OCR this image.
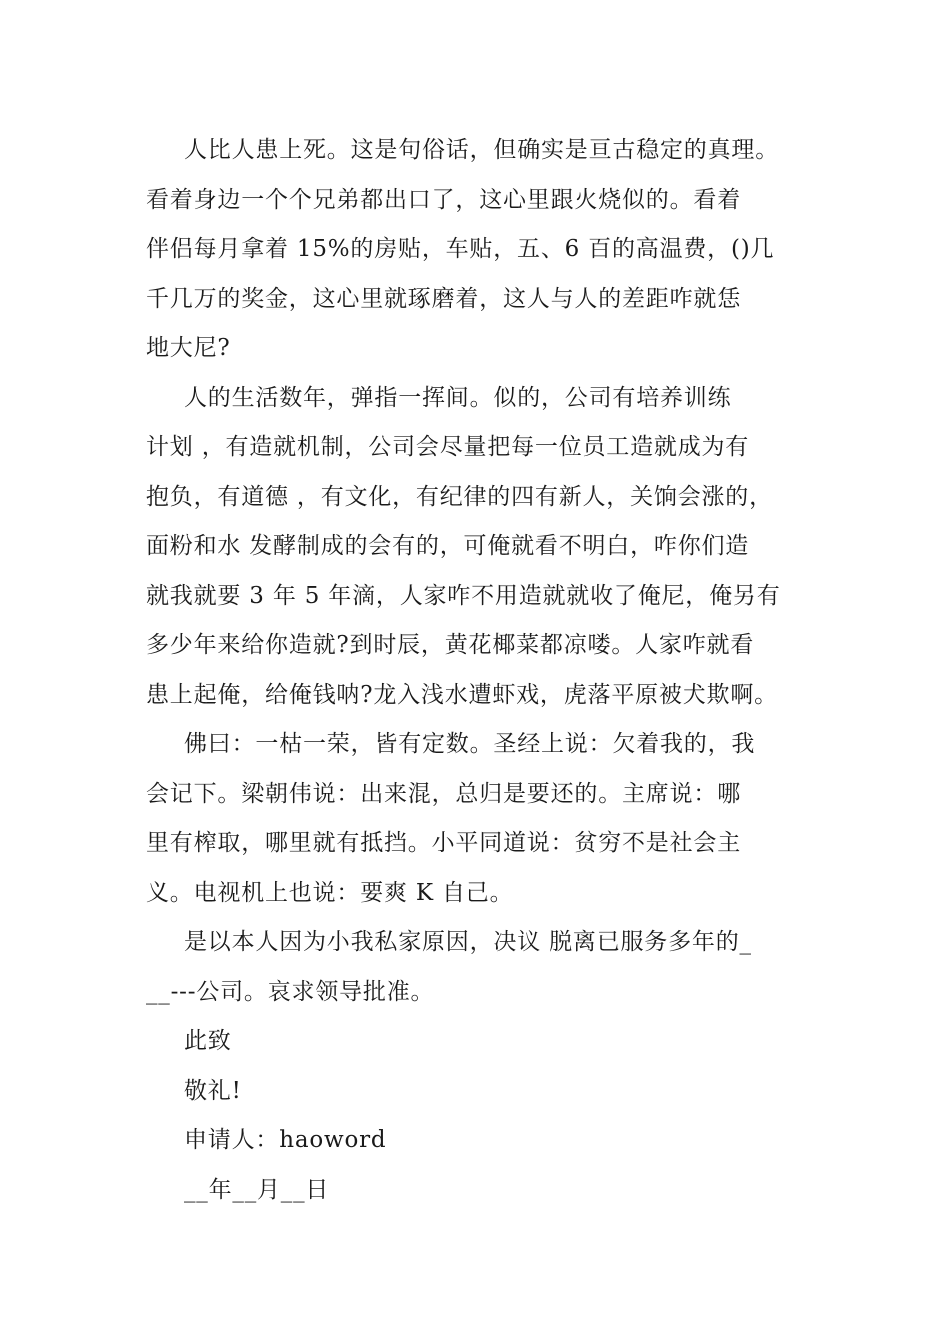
人比人患上死。这是句俗话，但确实是亘古稳定的真理。
看着身边一个个兄弟都出口了，这心里跟火烧似的。看着
伴侣每月拿着 15%的房贴，车贴，五、6 百的高温费，()几
千几万的奖金，这心里就琢磨着，这人与人的差距咋就恁
地大尼?
人的生活数年，弹指一挥间。似的，公司有培养训练
计划 ，有造就机制，公司会尽量把每一位员工造就成为有
抱负，有道德 ，有文化，有纪律的四有新人，关饷会涨的，
面粉和水 发酵制成的会有的，可俺就看不明白，咋你们造
就我就要 3 年 5 年滴，人家咋不用造就就收了俺尼，俺另有
多少年来给你造就?到时辰，黄花椰菜都凉喽。人家咋就看
患上起俺，给俺钱呐?龙入浅水遭虾戏，虎落平原被犬欺啊。
佛曰：一枯一荣，皆有定数。圣经上说：欠着我的，我
会记下。梁朝伟说：出来混，总归是要还的。主席说：哪
里有榨取，哪里就有抵挡。小平同道说：贫穷不是社会主
义。电视机上也说：要爽 K 自己。
是以本人因为小我私家原因，决议 脱离已服务多年的_
__---公司。哀求领导批准。
此致
敬礼!
申请人：haoword
__年__月__日
